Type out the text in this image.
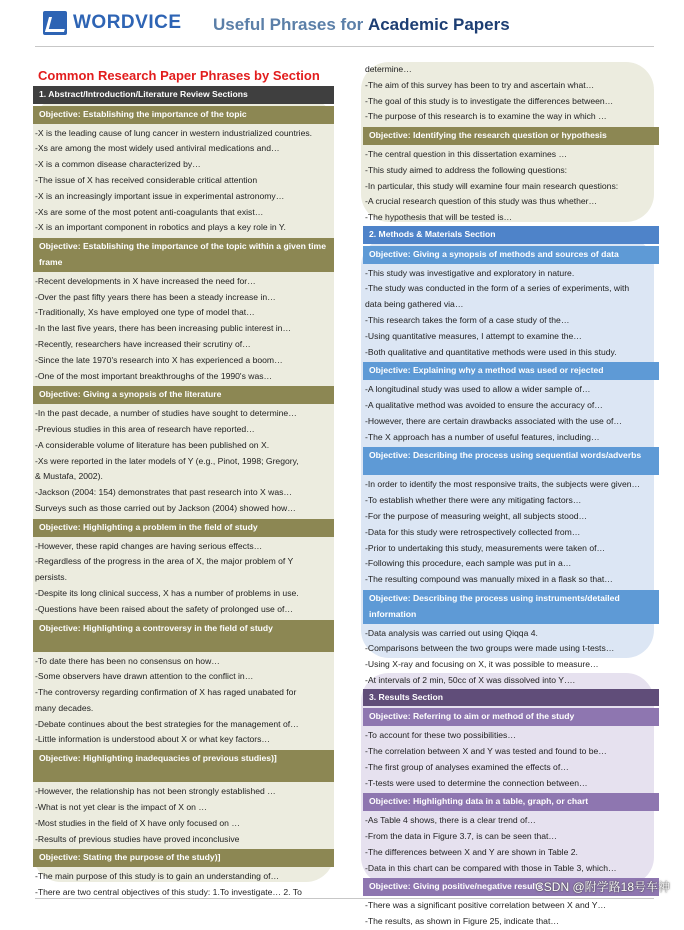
WORDVICE Useful Phrases for Academic Papers
Common Research Paper Phrases by Section
1. Abstract/Introduction/Literature Review Sections
Objective: Establishing the importance of the topic
-X is the leading cause of lung cancer in western industrialized countries.
-Xs are among the most widely used antiviral medications and…
-X is a common disease characterized by…
-The issue of X has received considerable critical attention
-X is an increasingly important issue in experimental astronomy…
-Xs are some of the most potent anti-coagulants that exist…
-X is an important component in robotics and plays a key role in Y.
Objective: Establishing the importance of the topic within a given time frame
-Recent developments in X have increased the need for…
-Over the past fifty years there has been a steady increase in…
-Traditionally, Xs have employed one type of model that…
-In the last five years, there has been increasing public interest in…
-Recently, researchers have increased their scrutiny of…
-Since the late 1970's research into X has experienced a boom…
-One of the most important breakthroughs of the 1990's was…
Objective: Giving a synopsis of the literature
-In the past decade, a number of studies have sought to determine…
-Previous studies in this area of research have reported…
-A considerable volume of literature has been published on X.
-Xs were reported in the later models of Y (e.g., Pinot, 1998; Gregory,
& Mustafa, 2002).
-Jackson (2004: 154) demonstrates that past research into X was…
Surveys such as those carried out by Jackson (2004) showed how…
Objective: Highlighting a problem in the field of study
-However, these rapid changes are having serious effects…
-Regardless of the progress in the area of X, the major problem of Y
persists.
-Despite its long clinical success, X has a number of problems in use.
-Questions have been raised about the safety of prolonged use of…
Objective: Highlighting a controversy in the field of study
-To date there has been no consensus on how…
-Some observers have drawn attention to the conflict in…
-The controversy regarding confirmation of X has raged unabated for
many decades.
-Debate continues about the best strategies for the management of…
-Little information is understood about X or what key factors…
Objective: Highlighting inadequacies of previous studies)]
-However, the relationship has not been strongly established …
-What is not yet clear is the impact of X on …
-Most studies in the field of X have only focused on …
-Results of previous studies have proved inconclusive
Objective: Stating the purpose of the study)]
-The main purpose of this study is to gain an understanding of…
-There are two central objectives of this study: 1.To investigate… 2. To
determine…
-The aim of this survey has been to try and ascertain what…
-The goal of this study is to investigate the differences between…
-The purpose of this research is to examine the way in which …
Objective: Identifying the research question or hypothesis
-The central question in this dissertation examines …
-This study aimed to address the following questions:
-In particular, this study will examine four main research questions:
-A crucial research question of this study was thus whether…
-The hypothesis that will be tested is…
2. Methods & Materials Section
Objective: Giving a synopsis of methods and sources of data
-This study was investigative and exploratory in nature.
-The study was conducted in the form of a series of experiments, with
data being gathered via…
-This research takes the form of a case study of the…
-Using quantitative measures, I attempt to examine the…
-Both qualitative and quantitative methods were used in this study.
Objective: Explaining why a method was used or rejected
-A longitudinal study was used to allow a wider sample of…
-A qualitative method was avoided to ensure the accuracy of…
-However, there are certain drawbacks associated with the use of…
-The X approach has a number of useful features, including…
Objective: Describing the process using sequential words/adverbs
-In order to identify the most responsive traits, the subjects were given…
-To establish whether there were any mitigating factors…
-For the purpose of measuring weight, all subjects stood…
-Data for this study were retrospectively collected from…
-Prior to undertaking this study, measurements were taken of…
-Following this procedure, each sample was put in a…
-The resulting compound was manually mixed in a flask so that…
Objective: Describing the process using instruments/detailed information
-Data analysis was carried out using Qiqqa 4.
-Comparisons between the two groups were made using t-tests…
-Using X-ray and focusing on X, it was possible to measure…
-At intervals of 2 min, 50cc of X was dissolved into Y….
3. Results Section
Objective: Referring to aim or method of the study
-To account for these two possibilities…
-The correlation between X and Y was tested and found to be…
-The first group of analyses examined the effects of…
-T-tests were used to determine the connection between…
Objective: Highlighting data in a table, graph, or chart
-As Table 4 shows, there is a clear trend of…
-From the data in Figure 3.7, is can be seen that…
-The differences between X and Y are shown in Table 2.
-Data in this chart can be compared with those in Table 3, which…
Objective: Giving positive/negative results
-There was a significant positive correlation between X and Y…
-The results, as shown in Figure 25, indicate that…
CSDN @附学路18号车神
